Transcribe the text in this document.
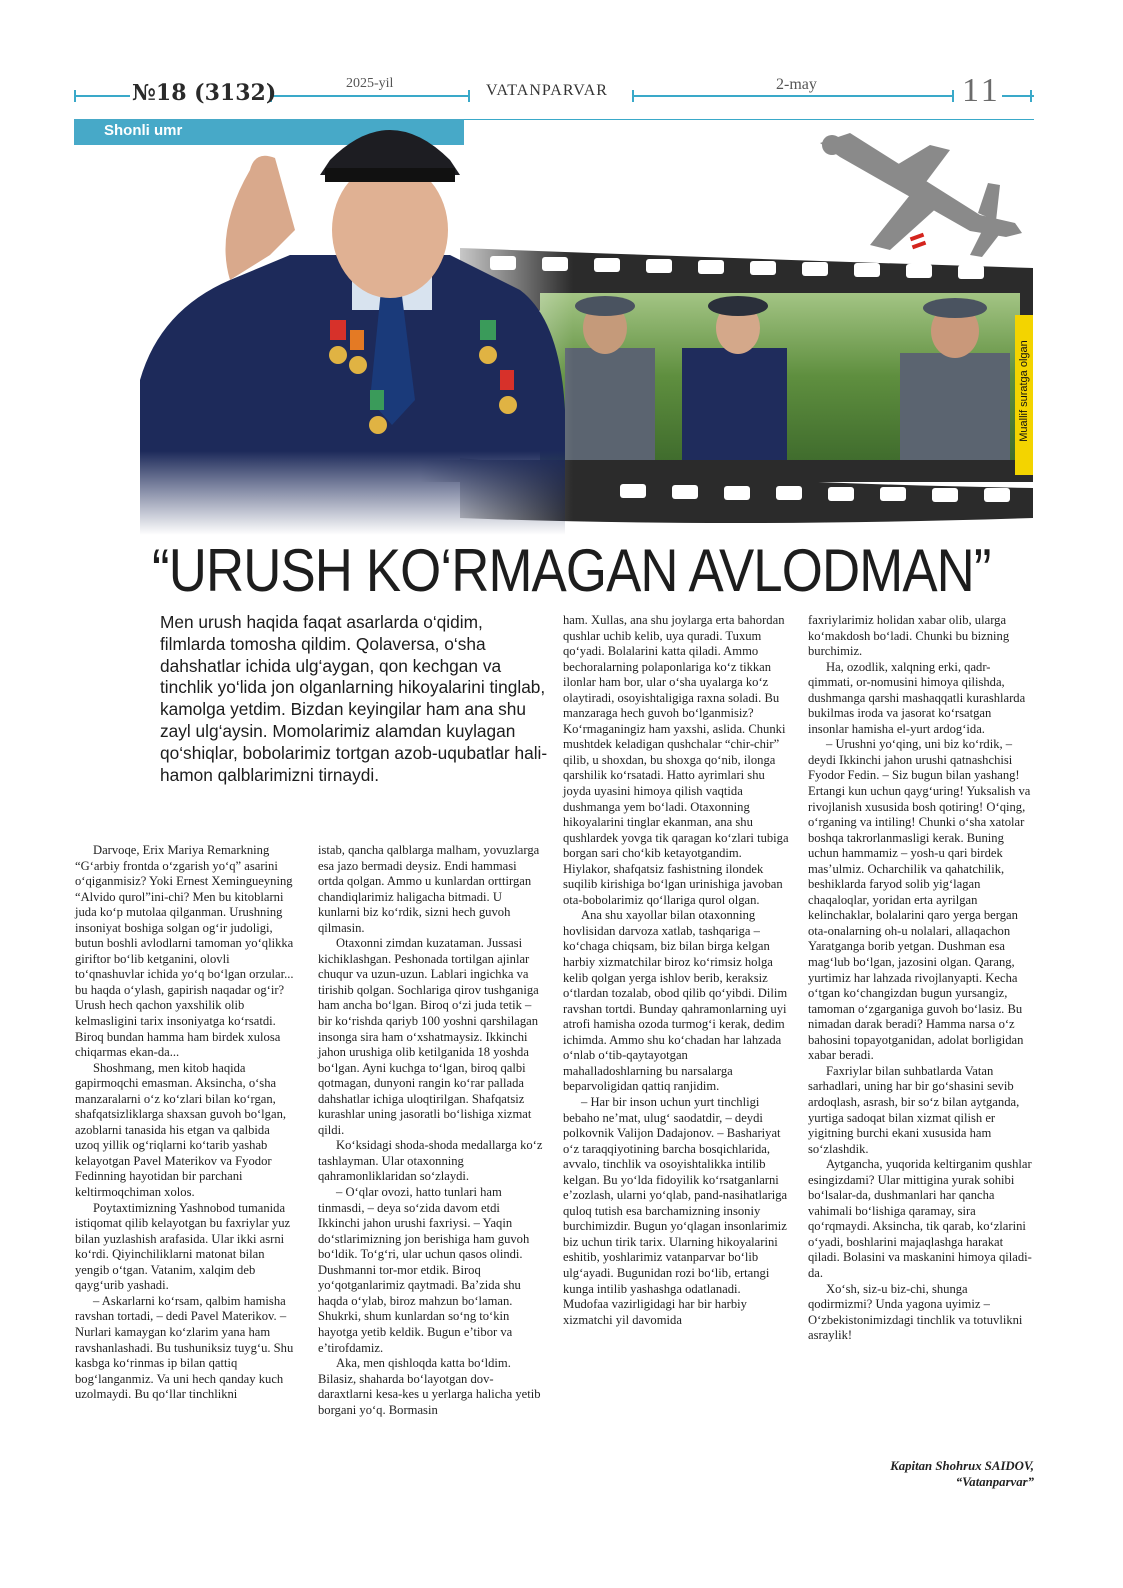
№18 (3132)	2025-yil	VATANPARVAR	2-may	11
Shonli umr
Muallif suratga olgan
“URUSH KO‘RMAGAN AVLODMAN”
Men urush haqida faqat asarlarda o‘qidim, filmlarda tomosha qildim. Qolaversa, o‘sha dahshatlar ichida ulg‘aygan, qon kechgan va tinchlik yo‘lida jon olganlarning hikoyalarini tinglab, kamolga yetdim. Bizdan keyingilar ham ana shu zayl ulg‘aysin. Momolarimiz alamdan kuylagan qo‘shiqlar, bobolarimiz tortgan azob-uqubatlar hali-hamon qalblarimizni tirnaydi.

Darvoqe, Erix Mariya Remarkning “G‘arbiy frontda o‘zgarish yo‘q” asarini o‘qiganmisiz? Yoki Ernest Xemingueyning “Alvido qurol”ini-chi? Men bu kitoblarni juda ko‘p mutolaa qilganman. Urushning insoniyat boshiga solgan og‘ir judoligi, butun boshli avlodlarni tamoman yo‘qlikka giriftor bo‘lib ketganini, olovli to‘qnashuvlar ichida yo‘q bo‘lgan orzular... bu haqda o‘ylash, gapirish naqadar og‘ir? Urush hech qachon yaxshilik olib kelmasligini tarix insoniyatga ko‘rsatdi. Biroq bundan hamma ham birdek xulosa chiqarmas ekan-da...

Shoshmang, men kitob haqida gapirmoqchi emasman. Aksincha, o‘sha manzaralarni o‘z ko‘zlari bilan ko‘rgan, shafqatsizliklarga shaxsan guvoh bo‘lgan, azoblarni tanasida his etgan va qalbida uzoq yillik og‘riqlarni ko‘tarib yashab kelayotgan Pavel Materikov va Fyodor Fedinning hayotidan bir parchani keltirmoqchiman xolos.

Poytaxtimizning Yashnobod tumanida istiqomat qilib kelayotgan bu faxriylar yuz bilan yuzlashish arafasida. Ular ikki asrni ko‘rdi. Qiyinchiliklarni matonat bilan yengib o‘tgan. Vatanim, xalqim deb qayg‘urib yashadi.

– Askarlarni ko‘rsam, qalbim hamisha ravshan tortadi, – dedi Pavel Materikov. – Nurlari kamaygan ko‘zlarim yana ham ravshanlashadi. Bu tushuniksiz tuyg‘u. Shu kasbga ko‘rinmas ip bilan qattiq bog‘langanmiz. Va uni hech qanday kuch uzolmaydi. Bu qo‘llar tinchlikni

istab, qancha qalblarga malham, yovuzlarga esa jazo bermadi deysiz. Endi hammasi ortda qolgan. Ammo u kunlardan orttirgan chandiqlarimiz haligacha bitmadi. U kunlarni biz ko‘rdik, sizni hech guvoh qilmasin.

Otaxonni zimdan kuzataman. Jussasi kichiklashgan. Peshonada tortilgan ajinlar chuqur va uzun-uzun. Lablari ingichka va tirishib qolgan. Sochlariga qirov tushganiga ham ancha bo‘lgan. Biroq o‘zi juda tetik – bir ko‘rishda qariyb 100 yoshni qarshilagan insonga sira ham o‘xshatmaysiz. Ikkinchi jahon urushiga olib ketilganida 18 yoshda bo‘lgan. Ayni kuchga to‘lgan, biroq qalbi qotmagan, dunyoni rangin ko‘rar pallada dahshatlar ichiga uloqtirilgan. Shafqatsiz kurashlar uning jasoratli bo‘lishiga xizmat qildi.

Ko‘ksidagi shoda-shoda medallarga ko‘z tashlayman. Ular otaxonning qahramonliklaridan so‘zlaydi.

– O‘qlar ovozi, hatto tunlari ham tinmasdi, – deya so‘zida davom etdi Ikkinchi jahon urushi faxriysi. – Yaqin do‘stlarimizning jon berishiga ham guvoh bo‘ldik. To‘g‘ri, ular uchun qasos olindi. Dushmanni tor-mor etdik. Biroq yo‘qotganlarimiz qaytmadi. Ba’zida shu haqda o‘ylab, biroz mahzun bo‘laman. Shukrki, shum kunlardan so‘ng to‘kin hayotga yetib keldik. Bugun e’tibor va e’tirofdamiz.

Aka, men qishloqda katta bo‘ldim. Bilasiz, shaharda bo‘layotgan dov-daraxtlarni kesa-kes u yerlarga halicha yetib borgani yo‘q. Bormasin

ham. Xullas, ana shu joylarga erta bahordan qushlar uchib kelib, uya quradi. Tuxum qo‘yadi. Bolalarini katta qiladi. Ammo bechoralarning polaponlariga ko‘z tikkan ilonlar ham bor, ular o‘sha uyalarga ko‘z olaytiradi, osoyishtaligiga raxna soladi. Bu manzaraga hech guvoh bo‘lganmisiz? Ko‘rmaganingiz ham yaxshi, aslida. Chunki mushtdek keladigan qushchalar “chir-chir” qilib, u shoxdan, bu shoxga qo‘nib, ilonga qarshilik ko‘rsatadi. Hatto ayrimlari shu joyda uyasini himoya qilish vaqtida dushmanga yem bo‘ladi. Otaxonning hikoyalarini tinglar ekanman, ana shu qushlardek yovga tik qaragan ko‘zlari tubiga borgan sari cho‘kib ketayotgandim. Hiylakor, shafqatsiz fashistning ilondek suqilib kirishiga bo‘lgan urinishiga javoban ota-bobolarimiz qo‘llariga qurol olgan.

Ana shu xayollar bilan otaxonning hovlisidan darvoza xatlab, tashqariga – ko‘chaga chiqsam, biz bilan birga kelgan harbiy xizmatchilar biroz ko‘rimsiz holga kelib qolgan yerga ishlov berib, keraksiz o‘tlardan tozalab, obod qilib qo‘yibdi. Dilim ravshan tortdi. Bunday qahramonlarning uyi atrofi hamisha ozoda turmog‘i kerak, dedim ichimda. Ammo shu ko‘chadan har lahzada o‘nlab o‘tib-qaytayotgan mahalladoshlarning bu narsalarga beparvoligidan qattiq ranjidim.

– Har bir inson uchun yurt tinchligi bebaho ne’mat, ulug‘ saodatdir, – deydi polkovnik Valijon Dadajonov. – Bashariyat o‘z taraqqiyotining barcha bosqichlarida, avvalo, tinchlik va osoyishtalikka intilib kelgan. Bu yo‘lda fidoyilik ko‘rsatganlarni e’zozlash, ularni yo‘qlab, pand-nasihatlariga quloq tutish esa barchamizning insoniy burchimizdir. Bugun yo‘qlagan insonlarimiz biz uchun tirik tarix. Ularning hikoyalarini eshitib, yoshlarimiz vatanparvar bo‘lib ulg‘ayadi. Bugunidan rozi bo‘lib, ertangi kunga intilib yashashga odatlanadi. Mudofaa vazirligidagi har bir harbiy xizmatchi yil davomida

faxriylarimiz holidan xabar olib, ularga ko‘makdosh bo‘ladi. Chunki bu bizning burchimiz.

Ha, ozodlik, xalqning erki, qadr-qimmati, or-nomusini himoya qilishda, dushmanga qarshi mashaqqatli kurashlarda bukilmas iroda va jasorat ko‘rsatgan insonlar hamisha el-yurt ardog‘ida.

– Urushni yo‘qing, uni biz ko‘rdik, – deydi Ikkinchi jahon urushi qatnashchisi Fyodor Fedin. – Siz bugun bilan yashang! Ertangi kun uchun qayg‘uring! Yuksalish va rivojlanish xususida bosh qotiring! O‘qing, o‘rganing va intiling! Chunki o‘sha xatolar boshqa takrorlanmasligi kerak. Buning uchun hammamiz – yosh-u qari birdek mas’ulmiz. Ocharchilik va qahatchilik, beshiklarda faryod solib yig‘lagan chaqaloqlar, yoridan erta ayrilgan kelinchaklar, bolalarini qaro yerga bergan ota-onalarning oh-u nolalari, allaqachon Yaratganga borib yetgan. Dushman esa mag‘lub bo‘lgan, jazosini olgan. Qarang, yurtimiz har lahzada rivojlanyapti. Kecha o‘tgan ko‘changizdan bugun yursangiz, tamoman o‘zgarganiga guvoh bo‘lasiz. Bu nimadan darak beradi? Hamma narsa o‘z bahosini topayotganidan, adolat borligidan xabar beradi.

Faxriylar bilan suhbatlarda Vatan sarhadlari, uning har bir go‘shasini sevib ardoqlash, asrash, bir so‘z bilan aytganda, yurtiga sadoqat bilan xizmat qilish er yigitning burchi ekani xususida ham so‘zlashdik.

Aytgancha, yuqorida keltirganim qushlar esingizdami? Ular mittigina yurak sohibi bo‘lsalar-da, dushmanlari har qancha vahimali bo‘lishiga qaramay, sira qo‘rqmaydi. Aksincha, tik qarab, ko‘zlarini o‘yadi, boshlarini majaqlashga harakat qiladi. Bolasini va maskanini himoya qiladi-da.

Xo‘sh, siz-u biz-chi, shunga qodirmizmi? Unda yagona uyimiz – O‘zbekistonimizdagi tinchlik va totuvlikni asraylik!

Kapitan Shohrux SAIDOV,
“Vatanparvar”
